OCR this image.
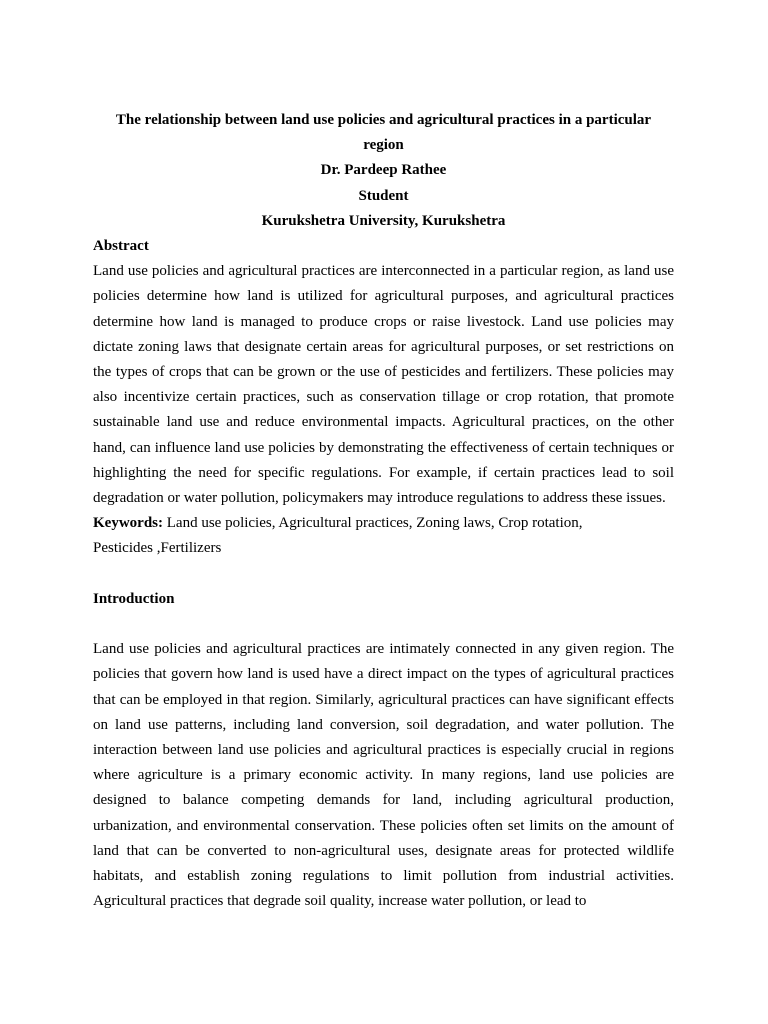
The relationship between land use policies and agricultural practices in a particular region
Dr. Pardeep Rathee
Student
Kurukshetra University, Kurukshetra
Abstract

Land use policies and agricultural practices are interconnected in a particular region, as land use policies determine how land is utilized for agricultural purposes, and agricultural practices determine how land is managed to produce crops or raise livestock. Land use policies may dictate zoning laws that designate certain areas for agricultural purposes, or set restrictions on the types of crops that can be grown or the use of pesticides and fertilizers. These policies may also incentivize certain practices, such as conservation tillage or crop rotation, that promote sustainable land use and reduce environmental impacts. Agricultural practices, on the other hand, can influence land use policies by demonstrating the effectiveness of certain techniques or highlighting the need for specific regulations. For example, if certain practices lead to soil degradation or water pollution, policymakers may introduce regulations to address these issues.

Keywords: Land use policies, Agricultural practices, Zoning laws, Crop rotation,
Pesticides ,Fertilizers
Introduction

Land use policies and agricultural practices are intimately connected in any given region. The policies that govern how land is used have a direct impact on the types of agricultural practices that can be employed in that region. Similarly, agricultural practices can have significant effects on land use patterns, including land conversion, soil degradation, and water pollution. The interaction between land use policies and agricultural practices is especially crucial in regions where agriculture is a primary economic activity. In many regions, land use policies are designed to balance competing demands for land, including agricultural production, urbanization, and environmental conservation. These policies often set limits on the amount of land that can be converted to non-agricultural uses, designate areas for protected wildlife habitats, and establish zoning regulations to limit pollution from industrial activities. Agricultural practices that degrade soil quality, increase water pollution, or lead to
